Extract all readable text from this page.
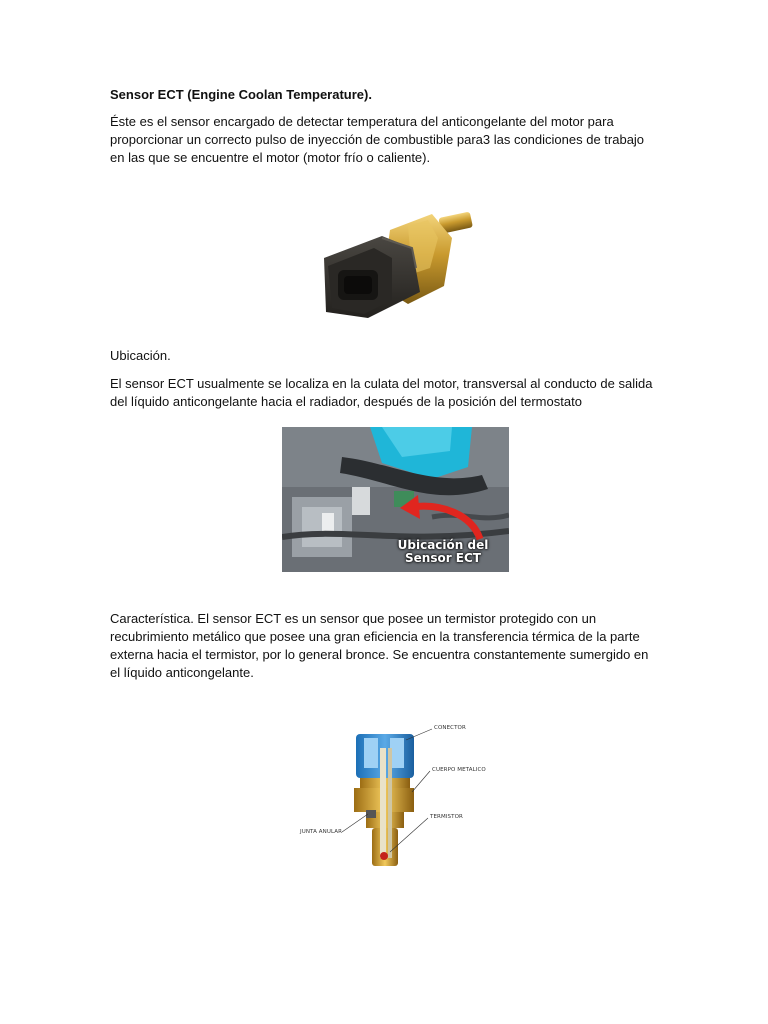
Sensor ECT (Engine Coolan Temperature).

Éste es el sensor encargado de detectar temperatura del anticongelante del motor para proporcionar un correcto pulso de inyección de combustible para3 las condiciones de trabajo en las que se encuentre el motor (motor frío o caliente).

Ubicación.

El sensor ECT usualmente se localiza en la culata del motor, transversal al conducto de salida del líquido anticongelante hacia el radiador, después de la posición del termostato

Ubicación del
Sensor ECT

Característica. El sensor ECT es un sensor que posee un termistor protegido con un recubrimiento metálico que posee una gran eficiencia en la transferencia térmica de la parte externa hacia el termistor, por lo general bronce. Se encuentra constantemente sumergido en el líquido anticongelante.

CONECTOR
CUERPO METALICO
TERMISTOR
JUNTA ANULAR
